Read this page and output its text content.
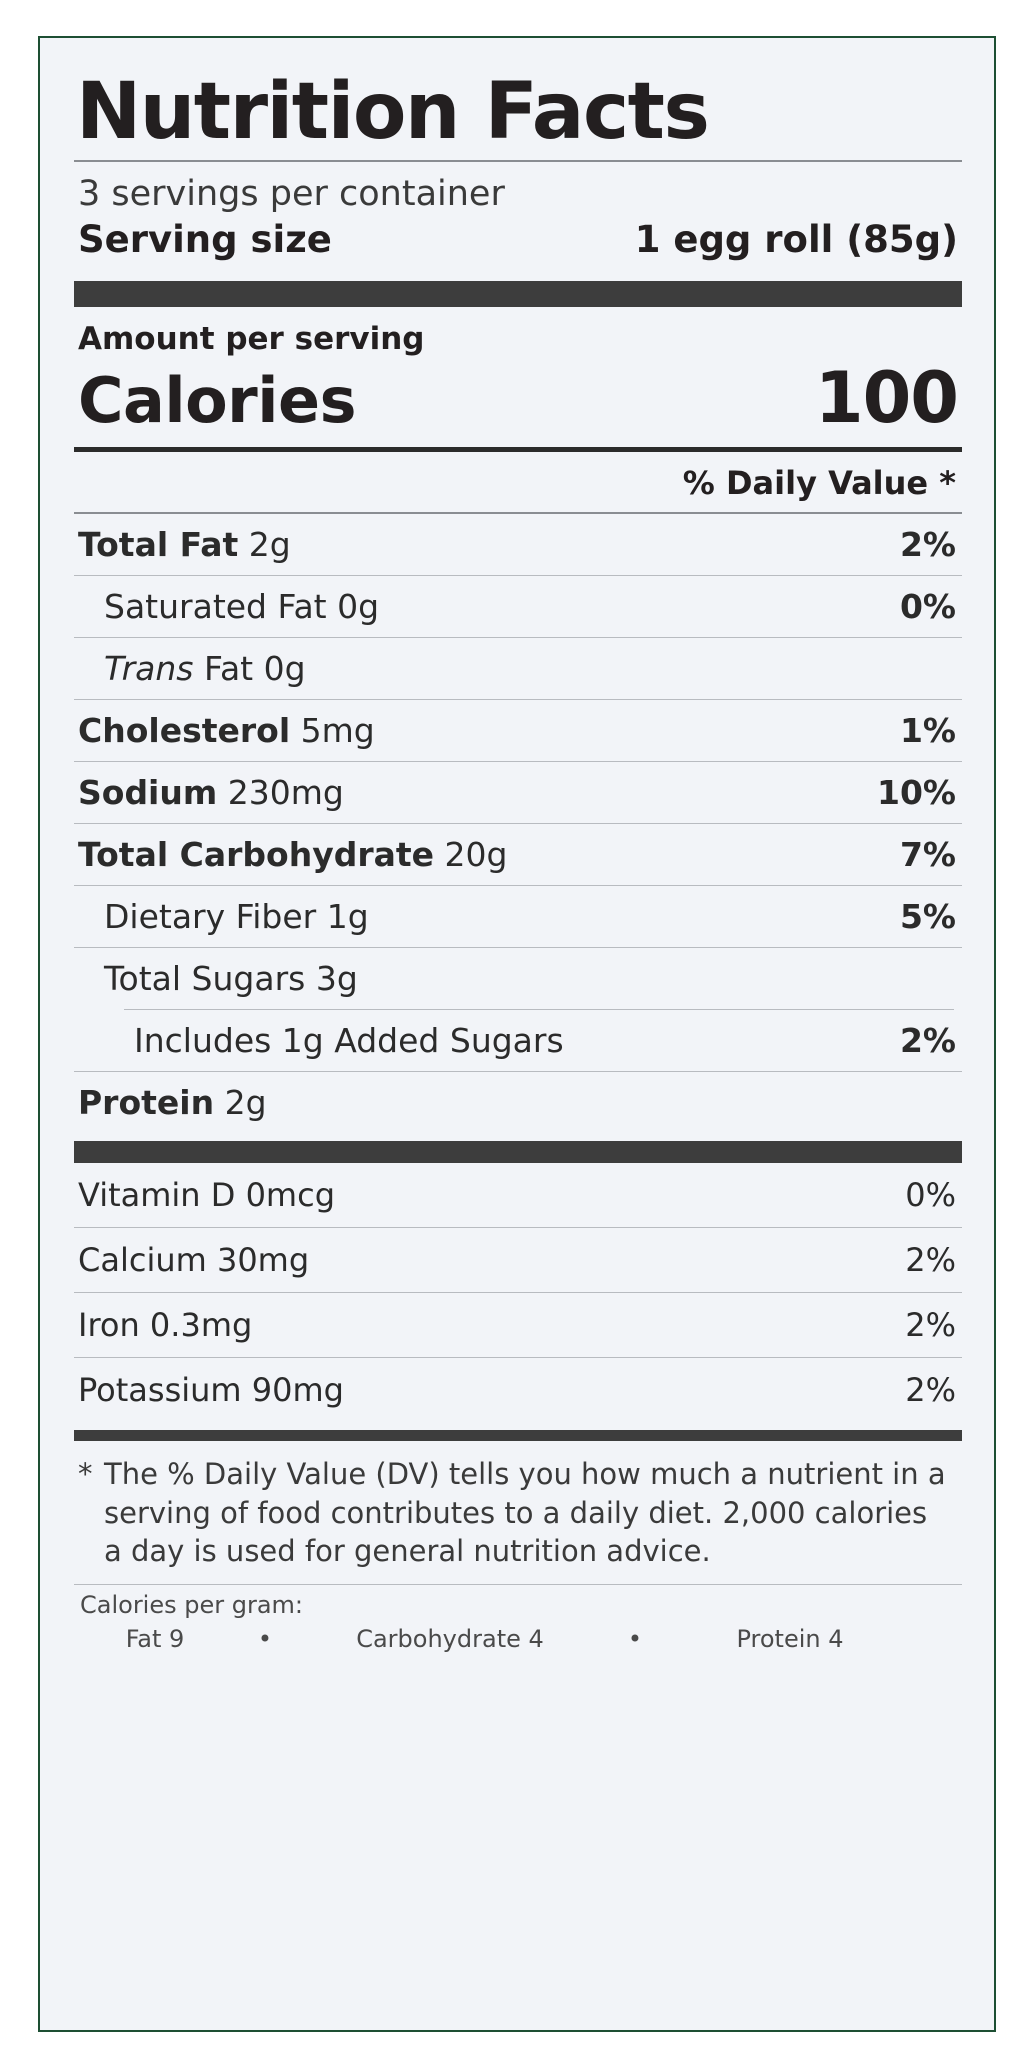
Nutrition Facts
3 servings per container
Serving size	1 egg roll (85g)
Amount per serving
Calories	100
% Daily Value *
Total Fat 2g	2%
Saturated Fat 0g	0%
Trans Fat 0g
Cholesterol 5mg	1%
Sodium 230mg	10%
Total Carbohydrate 20g	7%
Dietary Fiber 1g	5%
Total Sugars 3g
Includes 1g Added Sugars	2%
Protein 2g
Vitamin D 0mcg	0%
Calcium 30mg	2%
Iron 0.3mg	2%
Potassium 90mg	2%
* The % Daily Value (DV) tells you how much a nutrient in a serving of food contributes to a daily diet. 2,000 calories a day is used for general nutrition advice.
Calories per gram:
Fat 9	•	Carbohydrate 4	•	Protein 4
